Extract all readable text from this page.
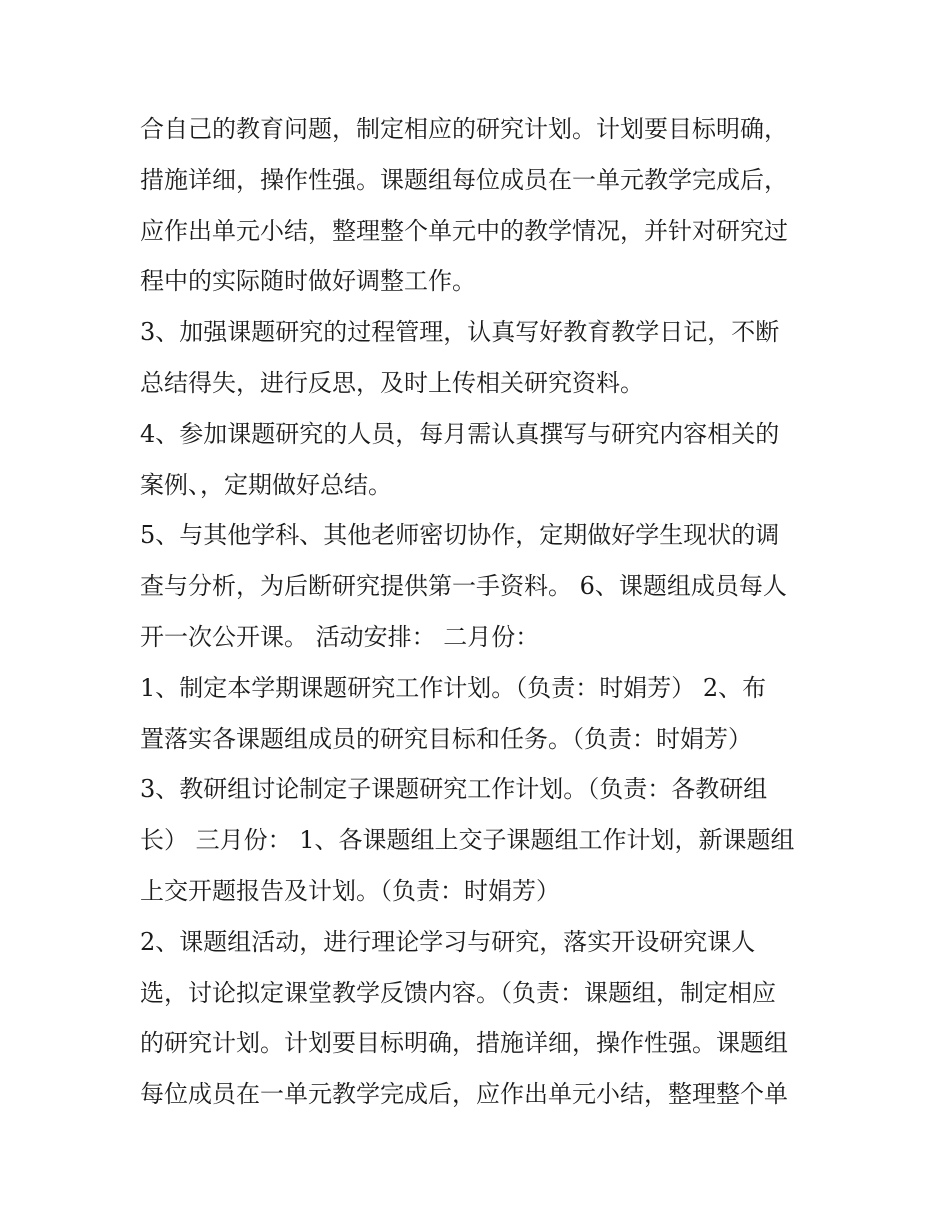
合自己的教育问题，制定相应的研究计划。计划要目标明确，
措施详细，操作性强。课题组每位成员在一单元教学完成后，
应作出单元小结，整理整个单元中的教学情况，并针对研究过
程中的实际随时做好调整工作。
3、加强课题研究的过程管理，认真写好教育教学日记，不断
总结得失，进行反思，及时上传相关研究资料。
4、参加课题研究的人员，每月需认真撰写与研究内容相关的
案例、，定期做好总结。
5、与其他学科、其他老师密切协作，定期做好学生现状的调
查与分析，为后断研究提供第一手资料。 6、课题组成员每人
开一次公开课。 活动安排： 二月份：
1、制定本学期课题研究工作计划。（负责：时娟芳） 2、布
置落实各课题组成员的研究目标和任务。（负责：时娟芳）
3、教研组讨论制定子课题研究工作计划。（负责：各教研组
长） 三月份： 1、各课题组上交子课题组工作计划，新课题组
上交开题报告及计划。（负责：时娟芳）
2、课题组活动，进行理论学习与研究，落实开设研究课人
选，讨论拟定课堂教学反馈内容。（负责：课题组，制定相应
的研究计划。计划要目标明确，措施详细，操作性强。课题组
每位成员在一单元教学完成后，应作出单元小结，整理整个单
